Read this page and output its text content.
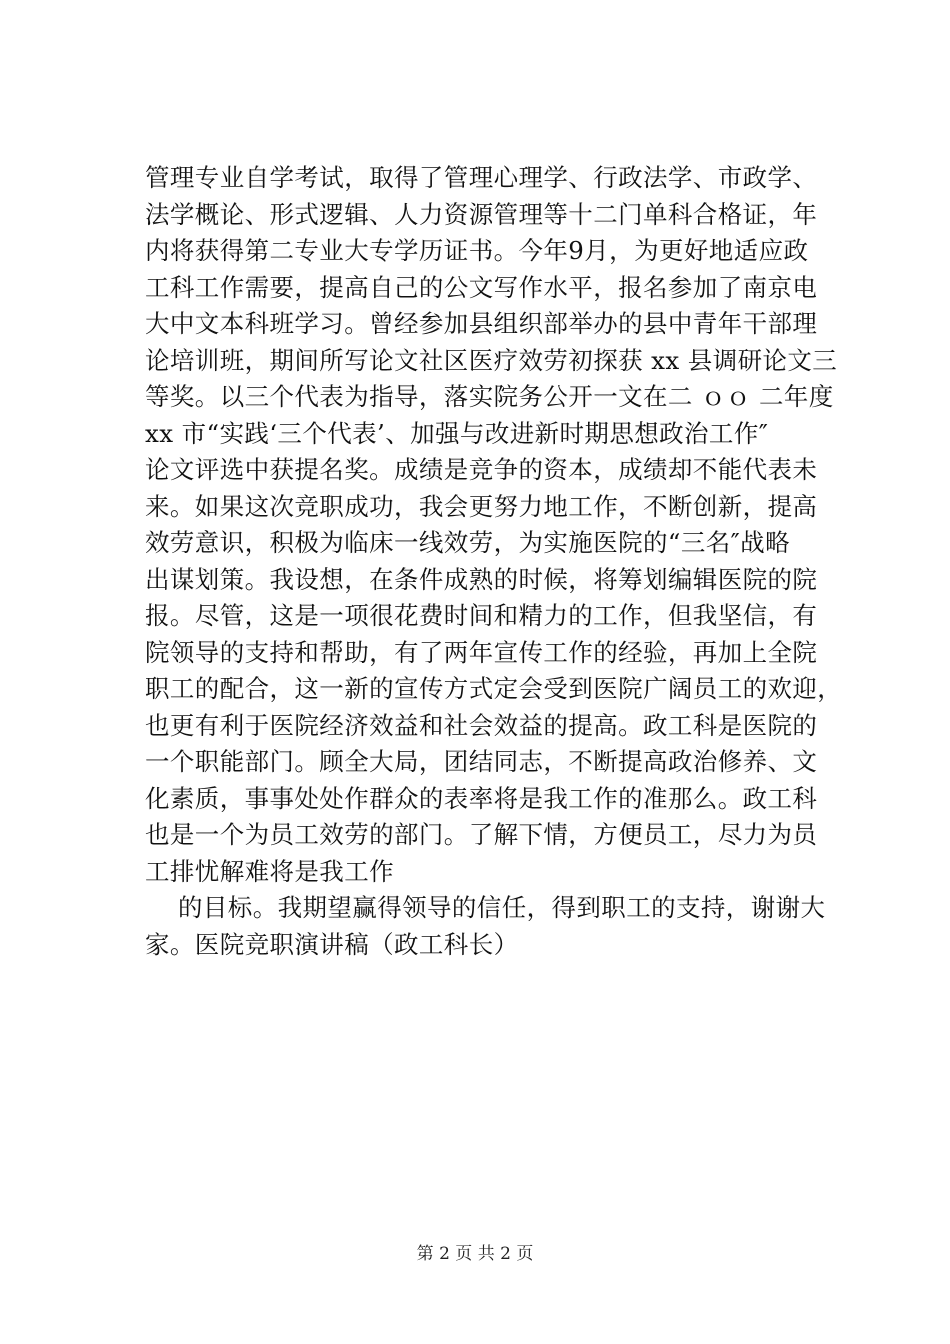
管理专业自学考试，取得了管理心理学、行政法学、市政学、
法学概论、形式逻辑、人力资源管理等十二门单科合格证，年
内将获得第二专业大专学历证书。今年9月，为更好地适应政
工科工作需要，提高自己的公文写作水平，报名参加了南京电
大中文本科班学习。曾经参加县组织部举办的县中青年干部理
论培训班，期间所写论文社区医疗效劳初探获 xx 县调研论文三
等奖。以三个代表为指导，落实院务公开一文在二 ｏｏ 二年度
xx 市“实践‘三个代表’、加强与改进新时期思想政治工作″
论文评选中获提名奖。成绩是竞争的资本，成绩却不能代表未
来。如果这次竞职成功，我会更努力地工作，不断创新，提高
效劳意识，积极为临床一线效劳，为实施医院的“三名″战略
出谋划策。我设想，在条件成熟的时候，将筹划编辑医院的院
报。尽管，这是一项很花费时间和精力的工作，但我坚信，有
院领导的支持和帮助，有了两年宣传工作的经验，再加上全院
职工的配合，这一新的宣传方式定会受到医院广阔员工的欢迎，
也更有利于医院经济效益和社会效益的提高。政工科是医院的
一个职能部门。顾全大局，团结同志，不断提高政治修养、文
化素质，事事处处作群众的表率将是我工作的准那么。政工科
也是一个为员工效劳的部门。了解下情，方便员工，尽力为员
工排忧解难将是我工作
的目标。我期望赢得领导的信任，得到职工的支持，谢谢大
家。医院竞职演讲稿（政工科长）
第 2 页 共 2 页
